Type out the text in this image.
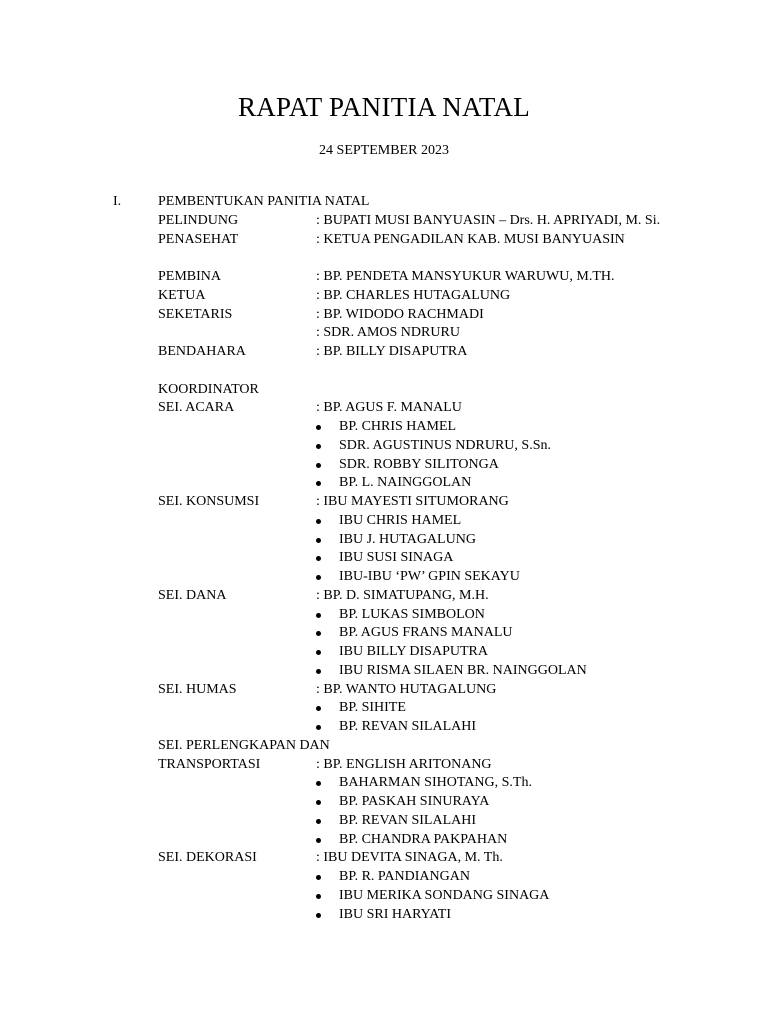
RAPAT PANITIA NATAL
24 SEPTEMBER 2023
I.	PEMBENTUKAN PANITIA NATAL
PELINDUNG	: BUPATI MUSI BANYUASIN – Drs. H. APRIYADI, M. Si.
PENASEHAT	: KETUA PENGADILAN KAB. MUSI BANYUASIN
PEMBINA	: BP. PENDETA MANSYUKUR WARUWU, M.TH.
KETUA	: BP. CHARLES HUTAGALUNG
SEKETARIS	: BP. WIDODO RACHMADI
: SDR. AMOS NDRURU
BENDAHARA	: BP. BILLY DISAPUTRA
KOORDINATOR
SEI. ACARA	: BP. AGUS F. MANALU
BP. CHRIS HAMEL
SDR. AGUSTINUS NDRURU, S.Sn.
SDR. ROBBY SILITONGA
BP. L. NAINGGOLAN
SEI. KONSUMSI	: IBU MAYESTI SITUMORANG
IBU CHRIS HAMEL
IBU J. HUTAGALUNG
IBU SUSI SINAGA
IBU-IBU ‘PW’ GPIN SEKAYU
SEI. DANA	: BP. D. SIMATUPANG, M.H.
BP. LUKAS SIMBOLON
BP. AGUS FRANS MANALU
IBU BILLY DISAPUTRA
IBU RISMA SILAEN BR. NAINGGOLAN
SEI. HUMAS	: BP. WANTO HUTAGALUNG
BP. SIHITE
BP. REVAN SILALAHI
SEI. PERLENGKAPAN DAN
TRANSPORTASI	: BP. ENGLISH ARITONANG
BAHARMAN SIHOTANG, S.Th.
BP. PASKAH SINURAYA
BP. REVAN SILALAHI
BP. CHANDRA PAKPAHAN
SEI. DEKORASI	: IBU DEVITA SINAGA, M. Th.
BP. R. PANDIANGAN
IBU MERIKA SONDANG SINAGA
IBU SRI HARYATI
